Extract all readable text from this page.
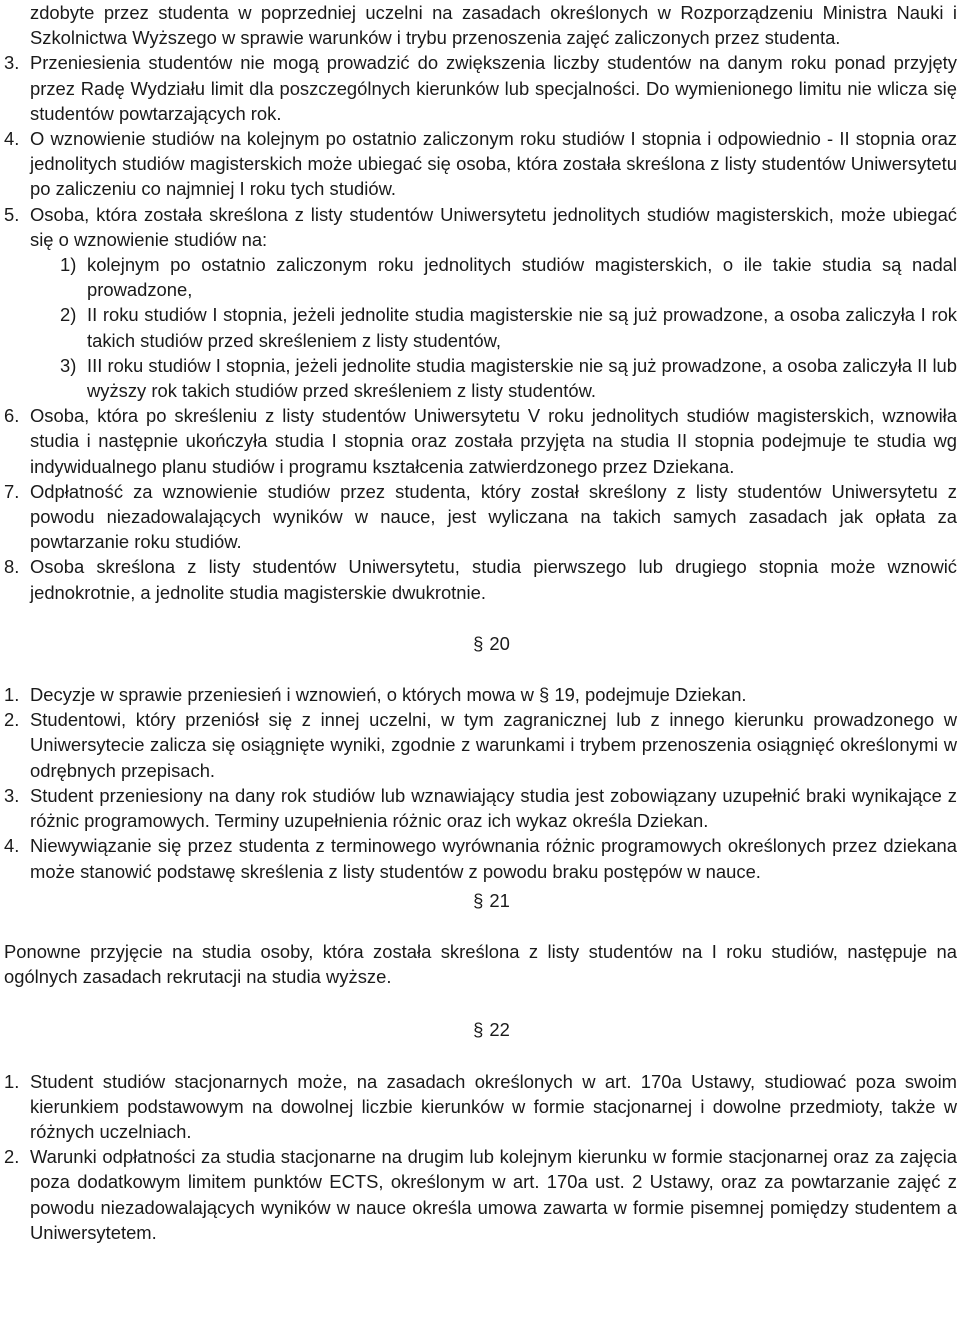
zdobyte przez studenta w poprzedniej uczelni na zasadach określonych w Rozporządzeniu Ministra Nauki i Szkolnictwa Wyższego w sprawie warunków i trybu przenoszenia zajęć zaliczonych przez studenta.

3. Przeniesienia studentów nie mogą prowadzić do zwiększenia liczby studentów na danym roku ponad przyjęty przez Radę Wydziału limit dla poszczególnych kierunków lub specjalności. Do wymienionego limitu nie wlicza się studentów powtarzających rok.

4. O wznowienie studiów na kolejnym po ostatnio zaliczonym roku studiów I stopnia i odpowiednio - II stopnia oraz jednolitych studiów magisterskich może ubiegać się osoba, która została skreślona z listy studentów Uniwersytetu po zaliczeniu co najmniej I roku tych studiów.

5. Osoba, która została skreślona z listy studentów Uniwersytetu jednolitych studiów magisterskich, może ubiegać się o wznowienie studiów na:

1) kolejnym po ostatnio zaliczonym roku jednolitych studiów magisterskich, o ile takie studia są nadal prowadzone,

2) II roku studiów I stopnia, jeżeli jednolite studia magisterskie nie są już prowadzone, a osoba zaliczyła I rok takich studiów przed skreśleniem z listy studentów,

3) III roku studiów I stopnia, jeżeli jednolite studia magisterskie nie są już prowadzone, a osoba zaliczyła II lub wyższy rok takich studiów przed skreśleniem z listy studentów.

6. Osoba, która po skreśleniu z listy studentów Uniwersytetu V roku jednolitych studiów magisterskich, wznowiła studia i następnie ukończyła studia I stopnia oraz została przyjęta na studia II stopnia podejmuje te studia wg indywidualnego planu studiów i programu kształcenia zatwierdzonego przez Dziekana.

7. Odpłatność za wznowienie studiów przez studenta, który został skreślony z listy studentów Uniwersytetu z powodu niezadowalających wyników w nauce, jest wyliczana na takich samych zasadach jak opłata za powtarzanie roku studiów.

8. Osoba skreślona z listy studentów Uniwersytetu, studia pierwszego lub drugiego stopnia może wznowić jednokrotnie, a jednolite studia magisterskie dwukrotnie.

§ 20

1. Decyzje w sprawie przeniesień i wznowień, o których mowa w § 19, podejmuje Dziekan.

2. Studentowi, który przeniósł się z innej uczelni, w tym zagranicznej lub z innego kierunku prowadzonego w Uniwersytecie zalicza się osiągnięte wyniki, zgodnie z warunkami i trybem przenoszenia osiągnięć określonymi w odrębnych przepisach.

3. Student przeniesiony na dany rok studiów lub wznawiający studia jest zobowiązany uzupełnić braki wynikające z różnic programowych. Terminy uzupełnienia różnic oraz ich wykaz określa Dziekan.

4. Niewywiązanie się przez studenta z terminowego wyrównania różnic programowych określonych przez dziekana może stanowić podstawę skreślenia z listy studentów z powodu braku postępów w nauce.

§ 21

Ponowne przyjęcie na studia osoby, która została skreślona z listy studentów na I roku studiów, następuje na ogólnych zasadach rekrutacji na studia wyższe.

§ 22

1. Student studiów stacjonarnych może, na zasadach określonych w art. 170a Ustawy, studiować poza swoim kierunkiem podstawowym na dowolnej liczbie kierunków w formie stacjonarnej i dowolne przedmioty, także w różnych uczelniach.

2. Warunki odpłatności za studia stacjonarne na drugim lub kolejnym kierunku w formie stacjonarnej oraz za zajęcia poza dodatkowym limitem punktów ECTS, określonym w art. 170a ust. 2 Ustawy, oraz za powtarzanie zajęć z powodu niezadowalających wyników w nauce określa umowa zawarta w formie pisemnej pomiędzy studentem a Uniwersytetem.
